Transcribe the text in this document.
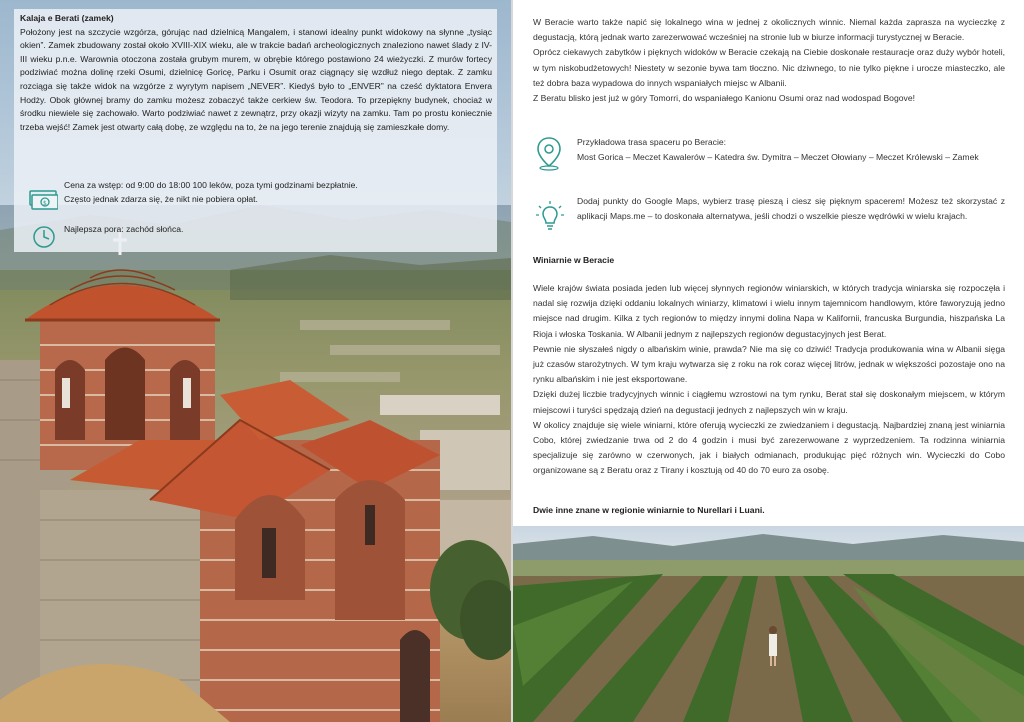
Kalaja e Berati (zamek)
Położony jest na szczycie wzgórza, górując nad dzielnicą Mangalem, i stanowi idealny punkt widokowy na słynne „tysiąc okien”. Zamek zbudowany został około XVIII-XIX wieku, ale w trakcie badań archeologicznych znaleziono nawet ślady z IV-III wieku p.n.e. Warownia otoczona została grubym murem, w obrębie którego postawiono 24 wieżyczki. Z murów fortecy podziwiać można dolinę rzeki Osumi, dzielnicę Goricę, Parku i Osumit oraz ciągnący się wzdłuż niego deptak. Z zamku rozciąga się także widok na wzgórze z wyrytym napisem „NEVER”. Kiedyś było to „ENVER” na cześć dyktatora Envera Hodży. Obok głównej bramy do zamku możesz zobaczyć także cerkiew św. Teodora. To przepiękny budynek, chociaż w środku niewiele się zachowało. Warto podziwiać nawet z zewnątrz, przy okazji wizyty na zamku. Tam po prostu koniecznie trzeba wejść! Zamek jest otwarty całą dobę, ze względu na to, że na jego terenie znajdują się zamieszkałe domy.
$
Cena za wstęp: od 9:00 do 18:00 100 leków, poza tymi godzinami bezpłatnie.
Często jednak zdarza się, że nikt nie pobiera opłat.
Najlepsza pora: zachód słońca.

W Beracie warto także napić się lokalnego wina w jednej z okolicznych winnic. Niemal każda zaprasza na wycieczkę z degustacją, którą jednak warto zarezerwować wcześniej na stronie lub w biurze informacji turystycznej w Beracie.

Oprócz ciekawych zabytków i pięknych widoków w Beracie czekają na Ciebie doskonałe restauracje oraz duży wybór hoteli, w tym niskobudżetowych! Niestety w sezonie bywa tam tłoczno. Nic dziwnego, to nie tylko piękne i urocze miasteczko, ale też dobra baza wypadowa do innych wspaniałych miejsc w Albanii.

Z Beratu blisko jest już w góry Tomorri, do wspaniałego Kanionu Osumi oraz nad wodospad Bogove!

Przykładowa trasa spaceru po Beracie:
Most Gorica – Meczet Kawalerów – Katedra św. Dymitra – Meczet Ołowiany – Meczet Królewski – Zamek
Dodaj punkty do Google Maps, wybierz trasę pieszą i ciesz się pięknym spacerem! Możesz też skorzystać z aplikacji Maps.me – to doskonała alternatywa, jeśli chodzi o wszelkie piesze wędrówki w wielu krajach.
Winiarnie w Beracie

Wiele krajów świata posiada jeden lub więcej słynnych regionów winiarskich, w których tradycja winiarska się rozpoczęła i nadal się rozwija dzięki oddaniu lokalnych winiarzy, klimatowi i wielu innym tajemnicom handlowym, które faworyzują jedno miejsce nad drugim. Kilka z tych regionów to między innymi dolina Napa w Kalifornii, francuska Burgundia, hiszpańska La Rioja i włoska Toskania. W Albanii jednym z najlepszych regionów degustacyjnych jest Berat.

Pewnie nie słyszałeś nigdy o albańskim winie, prawda? Nie ma się co dziwić! Tradycja produkowania wina w Albanii sięga już czasów starożytnych. W tym kraju wytwarza się z roku na rok coraz więcej litrów, jednak w większości pozostaje ono na rynku albańskim i nie jest eksportowane.

Dzięki dużej liczbie tradycyjnych winnic i ciągłemu wzrostowi na tym rynku, Berat stał się doskonałym miejscem, w którym miejscowi i turyści spędzają dzień na degustacji jednych z najlepszych win w kraju.

W okolicy znajduje się wiele winiarni, które oferują wycieczki ze zwiedzaniem i degustacją. Najbardziej znaną jest winiarnia Cobo, której zwiedzanie trwa od 2 do 4 godzin i musi być zarezerwowane z wyprzedzeniem. Ta rodzinna winiarnia specjalizuje się zarówno w czerwonych, jak i białych odmianach, produkując pięć różnych win. Wycieczki do Cobo organizowane są z Beratu oraz z Tirany i kosztują od 40 do 70 euro za osobę.

Dwie inne znane w regionie winiarnie to Nurellari i Luani.
